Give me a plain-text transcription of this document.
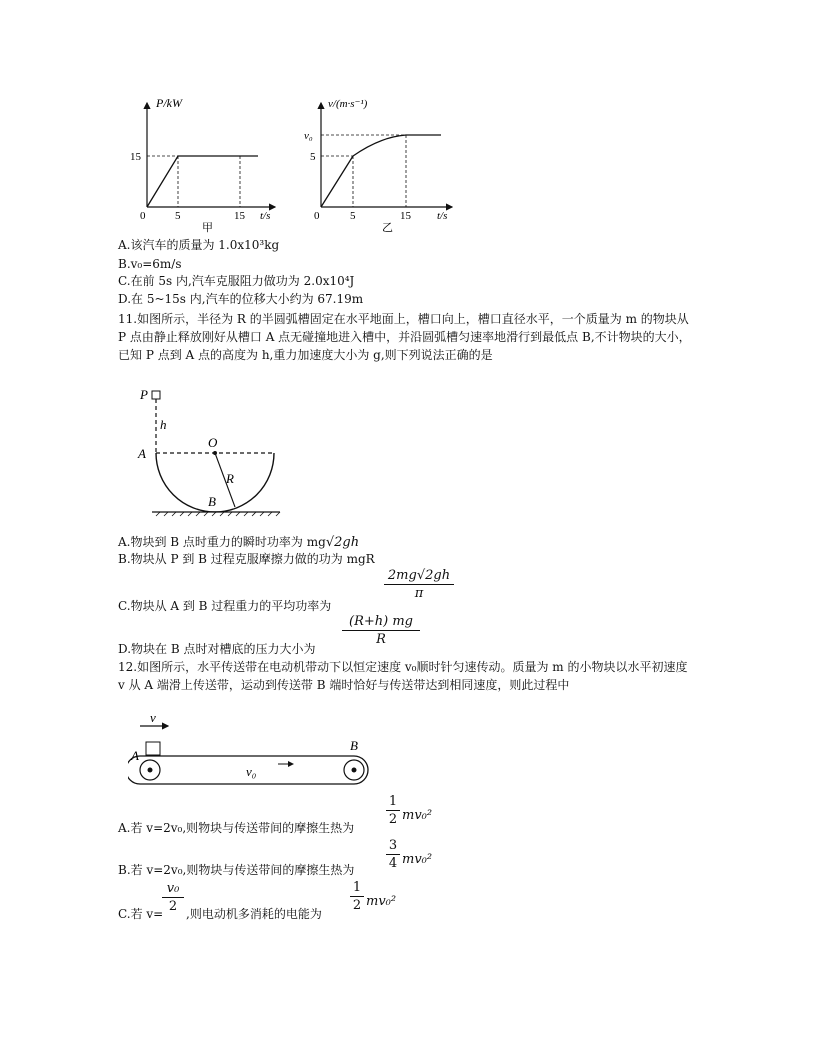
P/kW
t/s
0
15
5	15
甲
v/(m·s⁻¹)
t/s
0
v₀
5
5	15
乙
A.该汽车的质量为 1.0x10³kg
B.v₀=6m/s
C.在前 5s 内,汽车克服阻力做功为 2.0x10⁴J
D.在 5~15s 内,汽车的位移大小约为 67.19m
11.如图所示，半径为 R 的半圆弧槽固定在水平地面上，槽口向上，槽口直径水平，一个质量为 m 的物块从 P 点由静止释放刚好从槽口 A 点无碰撞地进入槽中，并沿圆弧槽匀速率地滑行到最低点 B,不计物块的大小，已知 P 点到 A 点的高度为 h,重力加速度大小为 g,则下列说法正确的是
P
h
O
A
R
B
A.物块到 B 点时重力的瞬时功率为 mg√2gh
B.物块从 P 到 B 过程克服摩擦力做的功为 mgR
C.物块从 A 到 B 过程重力的平均功率为
2mg√2gh
π
D.物块在 B 点时对槽底的压力大小为
(R+h) mg
R
12.如图所示，水平传送带在电动机带动下以恒定速度 v₀顺时针匀速传动。质量为 m 的小物块以水平初速度 v 从 A 端滑上传送带，运动到传送带 B 端时恰好与传送带达到相同速度，则此过程中
v
A
B
v₀
A.若 v=2v₀,则物块与传送带间的摩擦生热为
1
2 mv₀²
B.若 v=2v₀,则物块与传送带间的摩擦生热为
3
4 mv₀²
C.若 v=
v₀
2 ,则电动机多消耗的电能为
1
2 mv₀²
